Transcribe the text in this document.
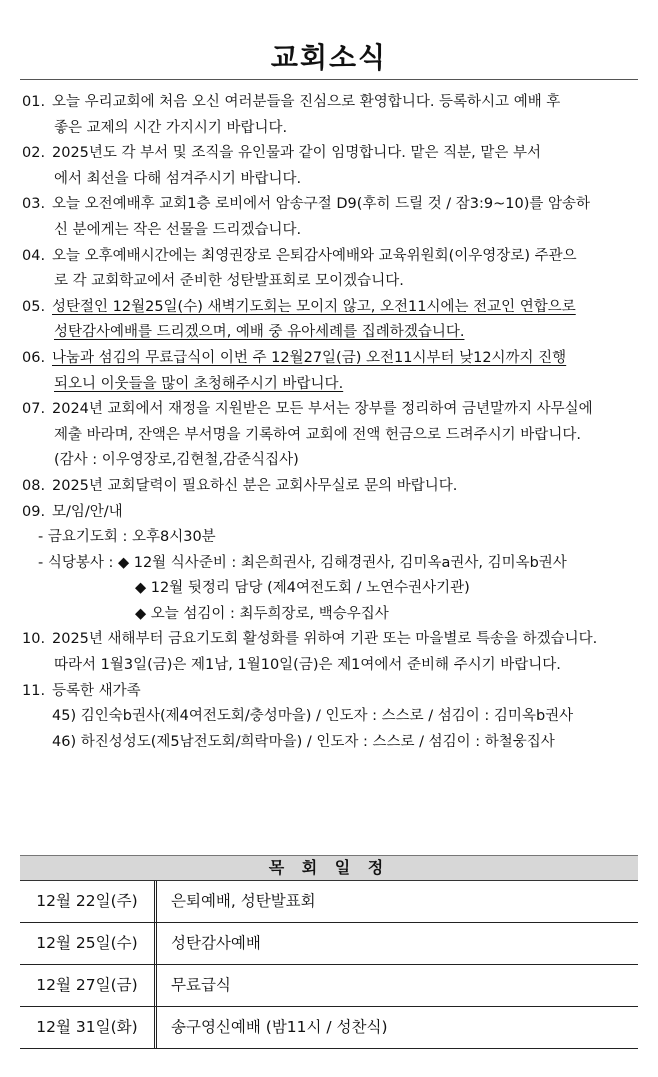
교회소식
01. 오늘 우리교회에 처음 오신 여러분들을 진심으로 환영합니다. 등록하시고 예배 후
좋은 교제의 시간 가지시기 바랍니다.
02. 2025년도 각 부서 및 조직을 유인물과 같이 임명합니다. 맡은 직분, 맡은 부서
에서 최선을 다해 섬겨주시기 바랍니다.
03. 오늘 오전예배후 교회1층 로비에서 암송구절 D9(후히 드릴 것 / 잠3:9~10)를 암송하
신 분에게는 작은 선물을 드리겠습니다.
04. 오늘 오후예배시간에는 최영권장로 은퇴감사예배와 교육위원회(이우영장로) 주관으
로 각 교회학교에서 준비한 성탄발표회로 모이겠습니다.
05. 성탄절인 12월25일(수) 새벽기도회는 모이지 않고, 오전11시에는 전교인 연합으로
성탄감사예배를 드리겠으며, 예배 중 유아세례를 집례하겠습니다.
06. 나눔과 섬김의 무료급식이 이번 주 12월27일(금) 오전11시부터 낮12시까지 진행
되오니 이웃들을 많이 초청해주시기 바랍니다.
07. 2024년 교회에서 재정을 지원받은 모든 부서는 장부를 정리하여 금년말까지 사무실에
제출 바라며, 잔액은 부서명을 기록하여 교회에 전액 헌금으로 드려주시기 바랍니다.
(감사 : 이우영장로,김현철,감준식집사)
08. 2025년 교회달력이 필요하신 분은 교회사무실로 문의 바랍니다.
09. 모/임/안/내
- 금요기도회 : 오후8시30분
- 식당봉사 : ◆ 12월 식사준비 : 최은희권사, 김해경권사, 김미옥a권사, 김미옥b권사
◆ 12월 뒷정리 담당 (제4여전도회 / 노연수권사기관)
◆ 오늘 섬김이 : 최두희장로, 백승우집사
10. 2025년 새해부터 금요기도회 활성화를 위하여 기관 또는 마을별로 특송을 하겠습니다.
따라서 1월3일(금)은 제1남, 1월10일(금)은 제1여에서 준비해 주시기 바랍니다.
11. 등록한 새가족
45) 김인숙b권사(제4여전도회/충성마을) / 인도자 : 스스로 / 섬김이 : 김미옥b권사
46) 하진성성도(제5남전도회/희락마을) / 인도자 : 스스로 / 섬김이 : 하철웅집사
목 회 일 정
12월 22일(주)	은퇴예배, 성탄발표회
12월 25일(수)	성탄감사예배
12월 27일(금)	무료급식
12월 31일(화)	송구영신예배 (밤11시 / 성찬식)
